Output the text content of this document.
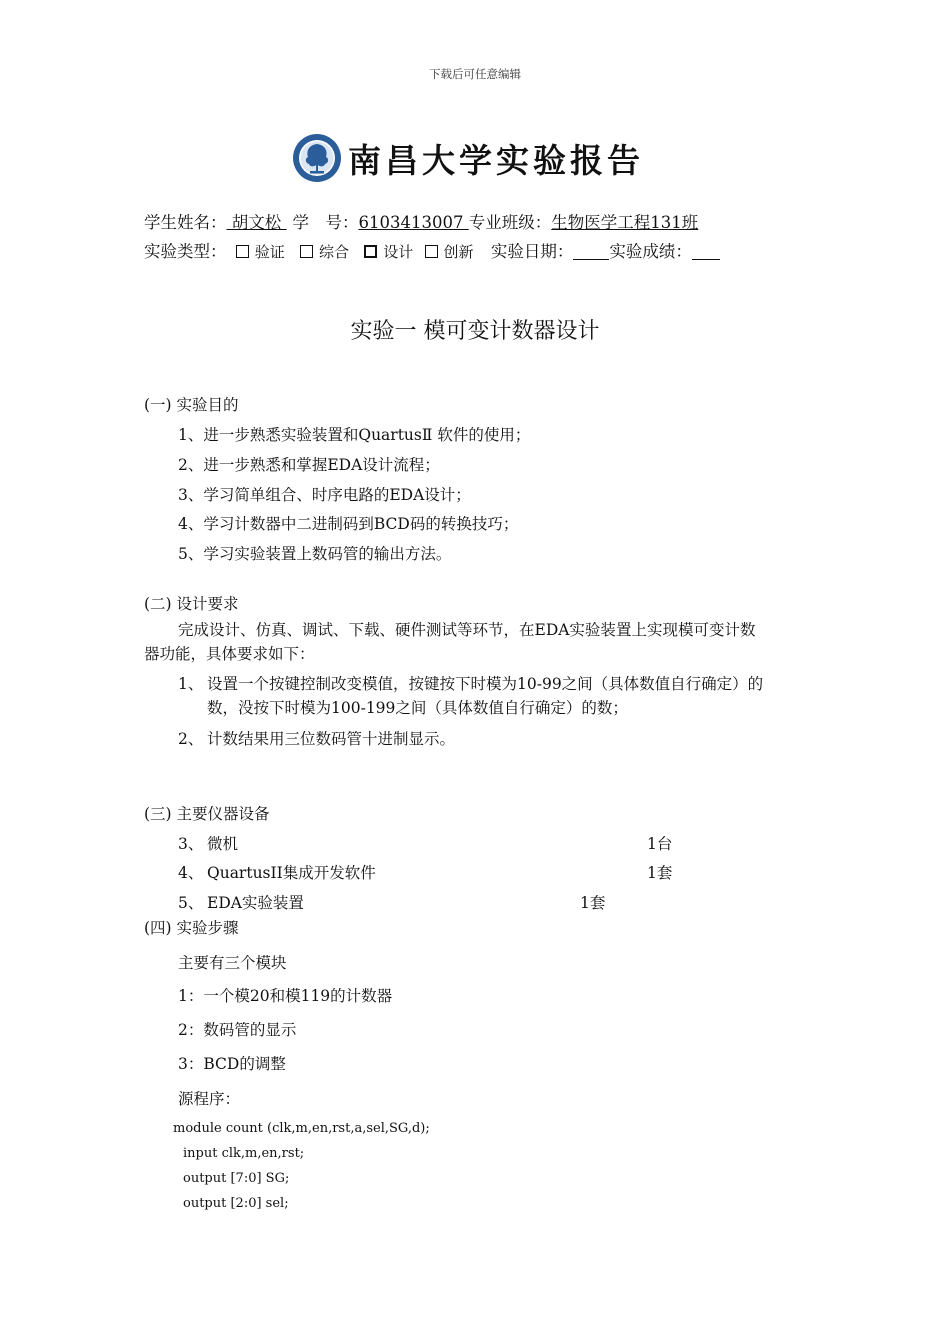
下载后可任意编辑
南昌大学实验报告
学生姓名： 胡文松 学　号：6103413007 专业班级：生物医学工程131班
实验类型： 验证 综合 设计 创新 实验日期： 实验成绩：
实验一 模可变计数器设计
(一) 实验目的
1、进一步熟悉实验装置和QuartusⅡ 软件的使用；
2、进一步熟悉和掌握EDA设计流程；
3、学习简单组合、时序电路的EDA设计；
4、学习计数器中二进制码到BCD码的转换技巧；
5、学习实验装置上数码管的输出方法。
(二) 设计要求
完成设计、仿真、调试、下载、硬件测试等环节，在EDA实验装置上实现模可变计数
器功能，具体要求如下：
1、 设置一个按键控制改变模值，按键按下时模为10-99之间（具体数值自行确定）的
数，没按下时模为100-199之间（具体数值自行确定）的数；
2、 计数结果用三位数码管十进制显示。
(三) 主要仪器设备
3、 微机	1台
4、 QuartusII集成开发软件	1套
5、 EDA实验装置	1套
(四) 实验步骤
主要有三个模块
1：一个模20和模119的计数器
2：数码管的显示
3：BCD的调整
源程序：
module count (clk,m,en,rst,a,sel,SG,d);
input clk,m,en,rst;
output [7:0] SG;
output [2:0] sel;
